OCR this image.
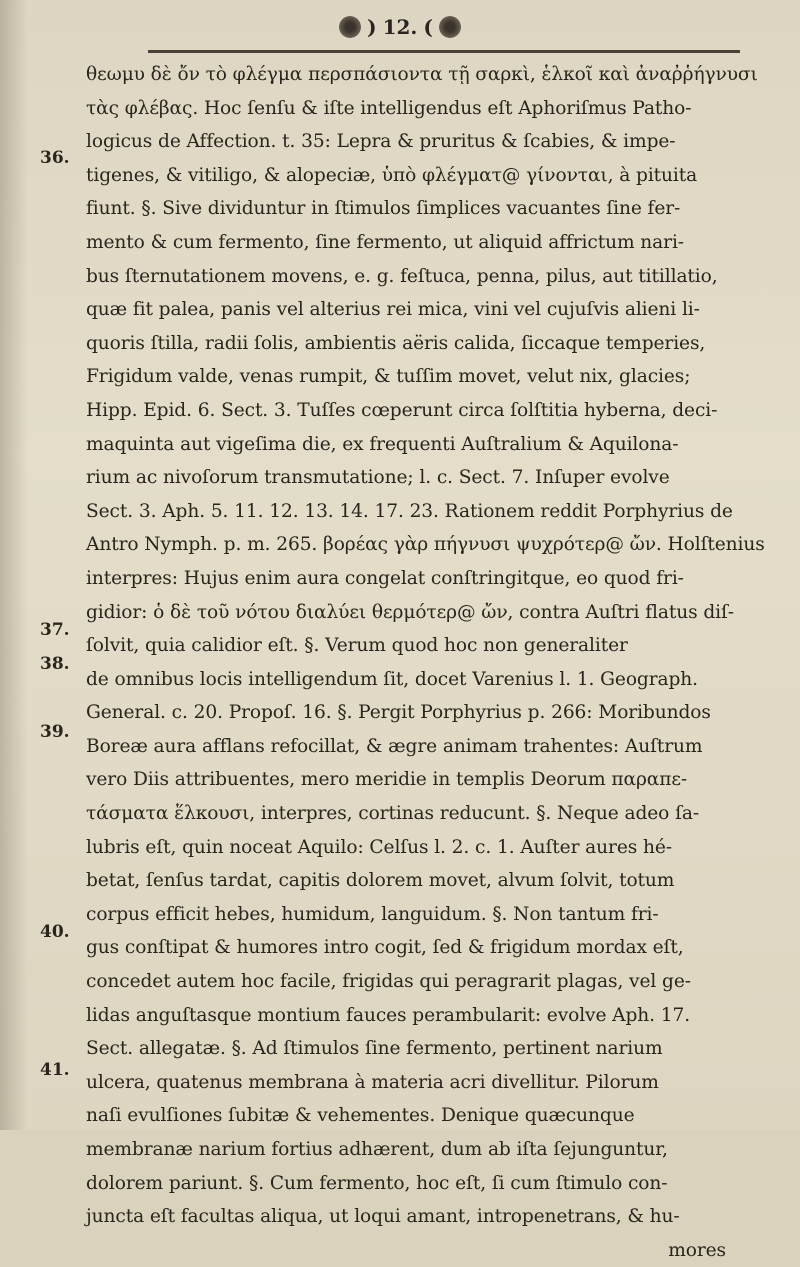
) 12. (
36.
37.
38.
39.
40.
41.
θεωμυ δὲ ὄν τὸ φλέγμα περσπάσιοντα τῇ σαρκὶ, ἑλκοῖ καὶ ἀναῤῥήγνυσι
τὰς φλέβας. Hoc ſenſu & iſte intelligendus eſt Aphoriſmus Patho-
logicus de Affection. t. 35: Lepra & pruritus & ſcabies, & impe-
tigenes, & vitiligo, & alopeciæ, ὑπὸ φλέγματ@ γίνονται, à pituita
fiunt. §. Sive dividuntur in ſtimulos ſimplices vacuantes ſine fer-
mento & cum fermento, ſine fermento, ut aliquid affrictum nari-
bus ſternutationem movens, e. g. feſtuca, penna, pilus, aut titillatio,
quæ fit palea, panis vel alterius rei mica, vini vel cujuſvis alieni li-
quoris ſtilla, radii ſolis, ambientis aëris calida, ſiccaque temperies,
Frigidum valde, venas rumpit, & tuſſim movet, velut nix, glacies;
Hipp. Epid. 6. Sect. 3. Tuſſes cœperunt circa ſolſtitia hyberna, deci-
maquinta aut vigeſima die, ex frequenti Auſtralium & Aquilona-
rium ac nivoſorum transmutatione; l. c. Sect. 7. Inſuper evolve
Sect. 3. Aph. 5. 11. 12. 13. 14. 17. 23. Rationem reddit Porphyrius de
Antro Nymph. p. m. 265. βορέας γὰρ πήγνυσι ψυχρότερ@ ὤν. Holſtenius
interpres: Hujus enim aura congelat conſtringitque, eo quod fri-
gidior: ὁ δὲ τοῦ νότου διαλύει θερμότερ@ ὤν, contra Auſtri flatus diſ-
ſolvit, quia calidior eſt. §. Verum quod hoc non generaliter
de omnibus locis intelligendum ſit, docet Varenius l. 1. Geograph.
General. c. 20. Propoſ. 16. §. Pergit Porphyrius p. 266: Moribundos
Boreæ aura afflans refocillat, & ægre animam trahentes: Auſtrum
vero Diis attribuentes, mero meridie in templis Deorum παραπε-
τάσματα ἕλκουσι, interpres, cortinas reducunt. §. Neque adeo ſa-
lubris eſt, quin noceat Aquilo: Celſus l. 2. c. 1. Auſter aures hé-
betat, ſenſus tardat, capitis dolorem movet, alvum ſolvit, totum
corpus efficit hebes, humidum, languidum. §. Non tantum fri-
gus conſtipat & humores intro cogit, ſed & frigidum mordax eſt,
concedet autem hoc facile, frigidas qui peragrarit plagas, vel ge-
lidas anguſtasque montium fauces perambularit: evolve Aph. 17.
Sect. allegatæ. §. Ad ſtimulos ſine fermento, pertinent narium
ulcera, quatenus membrana à materia acri divellitur. Pilorum
naſi evulſiones ſubitæ & vehementes. Denique quæcunque
membranæ narium fortius adhærent, dum ab iſta ſejunguntur,
dolorem pariunt. §. Cum fermento, hoc eſt, ſi cum ſtimulo con-
juncta eſt facultas aliqua, ut loqui amant, intropenetrans, & hu-
mores
